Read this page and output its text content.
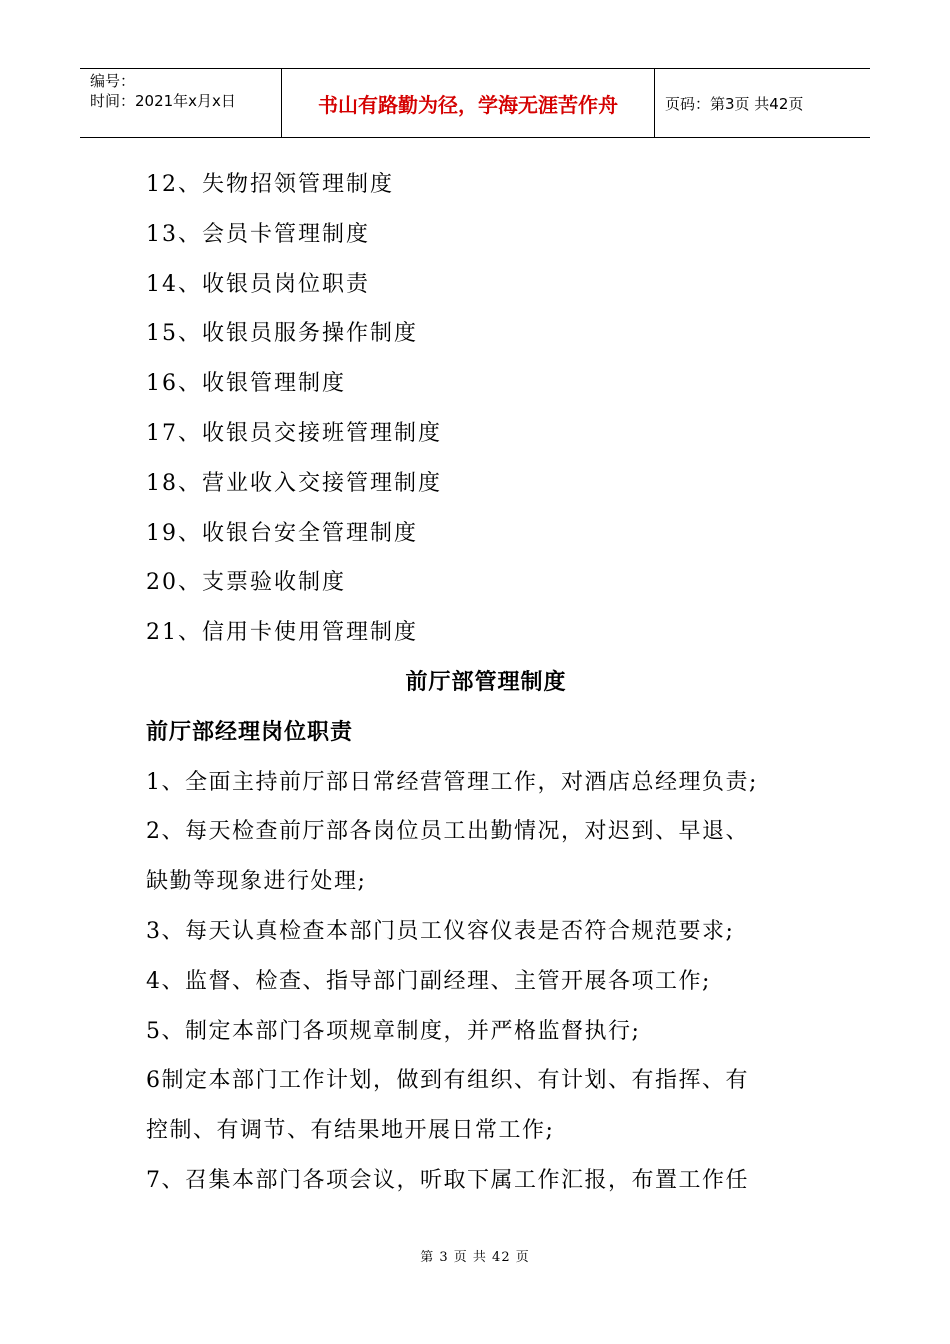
编号：
时间：2021年x月x日	书山有路勤为径，学海无涯苦作舟	页码：第3页 共42页
12、失物招领管理制度
13、会员卡管理制度
14、收银员岗位职责
15、收银员服务操作制度
16、收银管理制度
17、收银员交接班管理制度
18、营业收入交接管理制度
19、收银台安全管理制度
20、支票验收制度
21、信用卡使用管理制度
前厅部管理制度
前厅部经理岗位职责
1、全面主持前厅部日常经营管理工作，对酒店总经理负责;
2、每天检查前厅部各岗位员工出勤情况，对迟到、早退、
缺勤等现象进行处理;
3、每天认真检查本部门员工仪容仪表是否符合规范要求;
4、监督、检查、指导部门副经理、主管开展各项工作;
5、制定本部门各项规章制度，并严格监督执行;
6制定本部门工作计划，做到有组织、有计划、有指挥、有
控制、有调节、有结果地开展日常工作;
7、召集本部门各项会议，听取下属工作汇报，布置工作任
第 3 页 共 42 页
